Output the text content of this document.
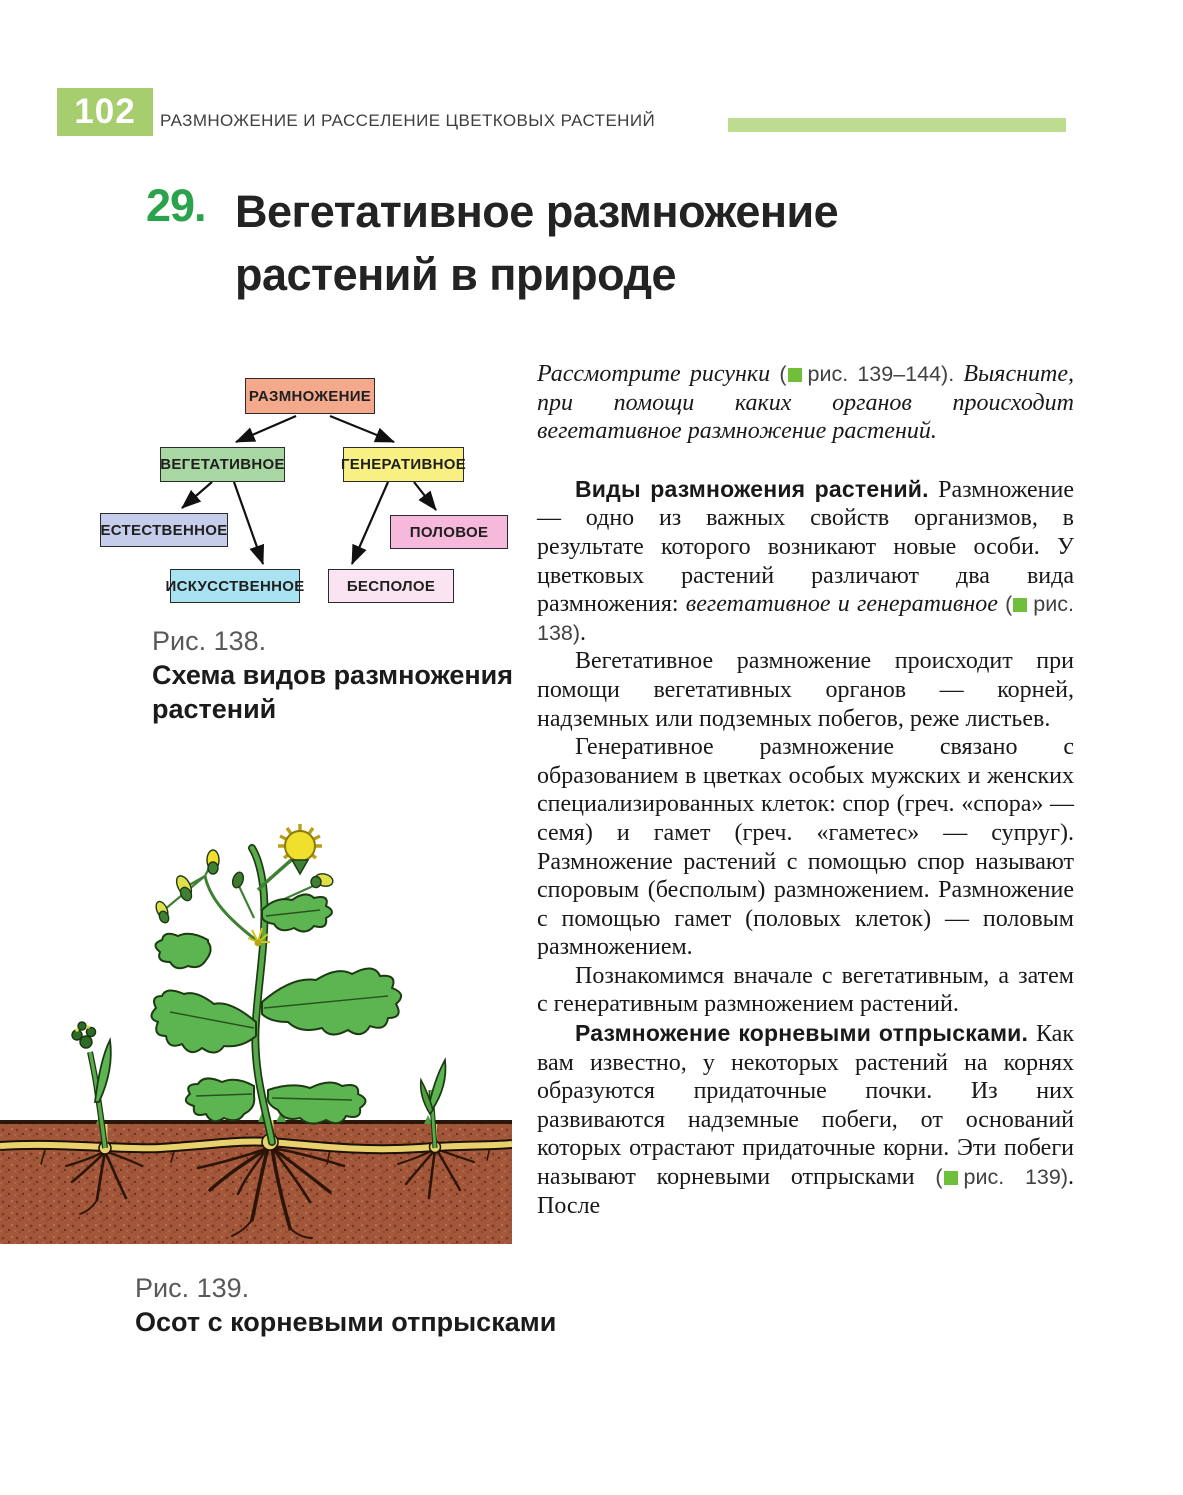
102 РАЗМНОЖЕНИЕ И РАССЕЛЕНИЕ ЦВЕТКОВЫХ РАСТЕНИЙ
29. Вегетативное размножение
растений в природе
РАЗМНОЖЕНИЕ
ВЕГЕТАТИВНОЕ	ГЕНЕРАТИВНОЕ
ЕСТЕСТВЕННОЕ	ПОЛОВОЕ
ИСКУССТВЕННОЕ	БЕСПОЛОЕ
Рис. 138.
Схема видов размножения растений
Рис. 139.
Осот с корневыми отпрысками

Рассмотрите рисунки ( рис. 139–144). Выясните, при помощи каких органов происходит вегетативное размножение растений.

Виды размножения растений. Размножение — одно из важных свойств организмов, в результате которого возникают новые особи. У цветковых растений различают два вида размножения: вегетативное и генеративное ( рис. 138).

Вегетативное размножение происходит при помощи вегетативных органов — корней, надземных или подземных побегов, реже листьев.

Генеративное размножение связано с образованием в цветках особых мужских и женских специализированных клеток: спор (греч. «спора» — семя) и гамет (греч. «гаметес» — супруг). Размножение растений с помощью спор называют споровым (бесполым) размножением. Размножение с помощью гамет (половых клеток) — половым размножением.

Познакомимся вначале с вегетативным, а затем с генеративным размножением растений.

Размножение корневыми отпрысками. Как вам известно, у некоторых растений на корнях образуются придаточные почки. Из них развиваются надземные побеги, от оснований которых отрастают придаточные корни. Эти побеги называют корневыми отпрысками ( рис. 139). После
